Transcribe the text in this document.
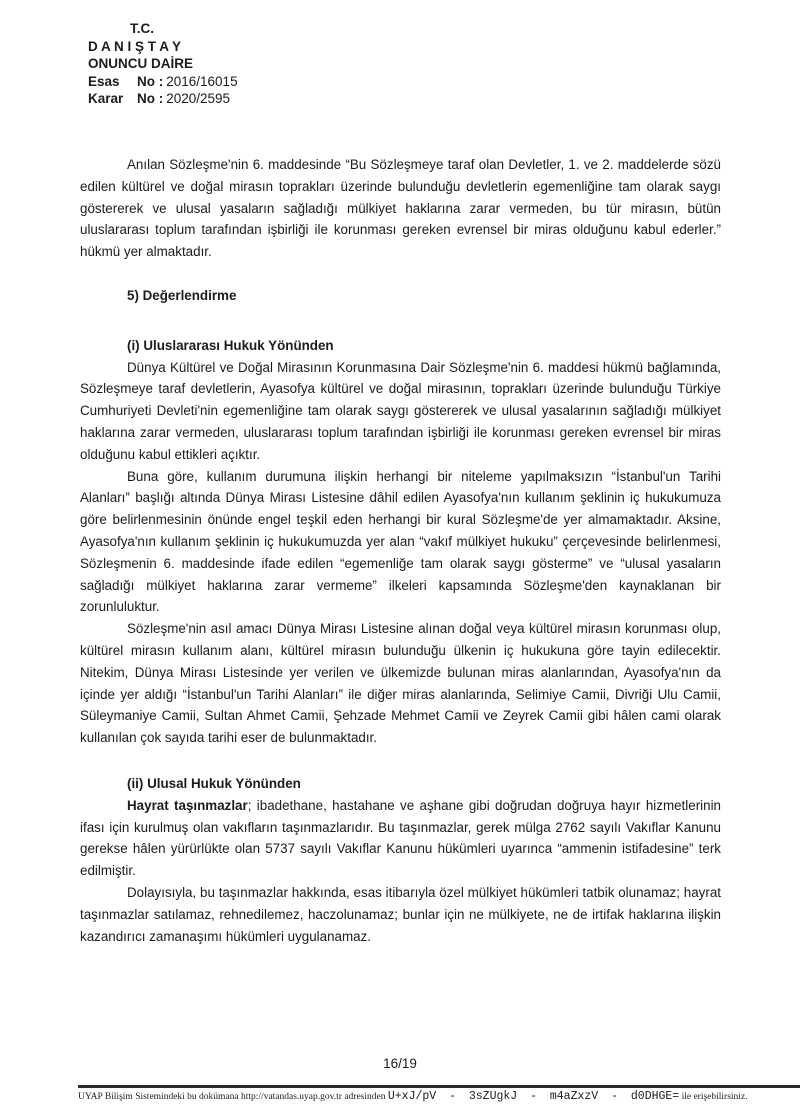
T.C.
D A N I Ş T A Y
ONUNCU DAİRE
Esas No : 2016/16015
Karar No : 2020/2595

Anılan Sözleşme'nin 6. maddesinde “Bu Sözleşmeye taraf olan Devletler, 1. ve 2. maddelerde sözü edilen kültürel ve doğal mirasın toprakları üzerinde bulunduğu devletlerin egemenliğine tam olarak saygı göstererek ve ulusal yasaların sağladığı mülkiyet haklarına zarar vermeden, bu tür mirasın, bütün uluslararası toplum tarafından işbirliği ile korunması gereken evrensel bir miras olduğunu kabul ederler.” hükmü yer almaktadır.

5) Değerlendirme
(i) Uluslararası Hukuk Yönünden

Dünya Kültürel ve Doğal Mirasının Korunmasına Dair Sözleşme'nin 6. maddesi hükmü bağlamında, Sözleşmeye taraf devletlerin, Ayasofya kültürel ve doğal mirasının, toprakları üzerinde bulunduğu Türkiye Cumhuriyeti Devleti'nin egemenliğine tam olarak saygı göstererek ve ulusal yasalarının sağladığı mülkiyet haklarına zarar vermeden, uluslararası toplum tarafından işbirliği ile korunması gereken evrensel bir miras olduğunu kabul ettikleri açıktır.

Buna göre, kullanım durumuna ilişkin herhangi bir niteleme yapılmaksızın “İstanbul'un Tarihi Alanları” başlığı altında Dünya Mirası Listesine dâhil edilen Ayasofya'nın kullanım şeklinin iç hukukumuza göre belirlenmesinin önünde engel teşkil eden herhangi bir kural Sözleşme'de yer almamaktadır. Aksine, Ayasofya'nın kullanım şeklinin iç hukukumuzda yer alan “vakıf mülkiyet hukuku” çerçevesinde belirlenmesi, Sözleşmenin 6. maddesinde ifade edilen “egemenliğe tam olarak saygı gösterme” ve “ulusal yasaların sağladığı mülkiyet haklarına zarar vermeme” ilkeleri kapsamında Sözleşme'den kaynaklanan bir zorunluluktur.

Sözleşme'nin asıl amacı Dünya Mirası Listesine alınan doğal veya kültürel mirasın korunması olup, kültürel mirasın kullanım alanı, kültürel mirasın bulunduğu ülkenin iç hukukuna göre tayin edilecektir. Nitekim, Dünya Mirası Listesinde yer verilen ve ülkemizde bulunan miras alanlarından, Ayasofya'nın da içinde yer aldığı “İstanbul'un Tarihi Alanları” ile diğer miras alanlarında, Selimiye Camii, Divriği Ulu Camii, Süleymaniye Camii, Sultan Ahmet Camii, Şehzade Mehmet Camii ve Zeyrek Camii gibi hâlen cami olarak kullanılan çok sayıda tarihi eser de bulunmaktadır.

(ii) Ulusal Hukuk Yönünden

Hayrat taşınmazlar; ibadethane, hastahane ve aşhane gibi doğrudan doğruya hayır hizmetlerinin ifası için kurulmuş olan vakıfların taşınmazlarıdır. Bu taşınmazlar, gerek mülga 2762 sayılı Vakıflar Kanunu gerekse hâlen yürürlükte olan 5737 sayılı Vakıflar Kanunu hükümleri uyarınca “ammenin istifadesine” terk edilmiştir.

Dolayısıyla, bu taşınmazlar hakkında, esas itibarıyla özel mülkiyet hükümleri tatbik olunamaz; hayrat taşınmazlar satılamaz, rehnedilemez, haczolunamaz; bunlar için ne mülkiyete, ne de irtifak haklarına ilişkin kazandırıcı zamanaşımı hükümleri uygulanamaz.

16/19
UYAP Bilişim Sistemindeki bu dokümana http://vatandas.uyap.gov.tr adresinden U+xJ/pV - 3sZUgkJ - m4aZxzV - d0DHGE= ile erişebilirsiniz.
